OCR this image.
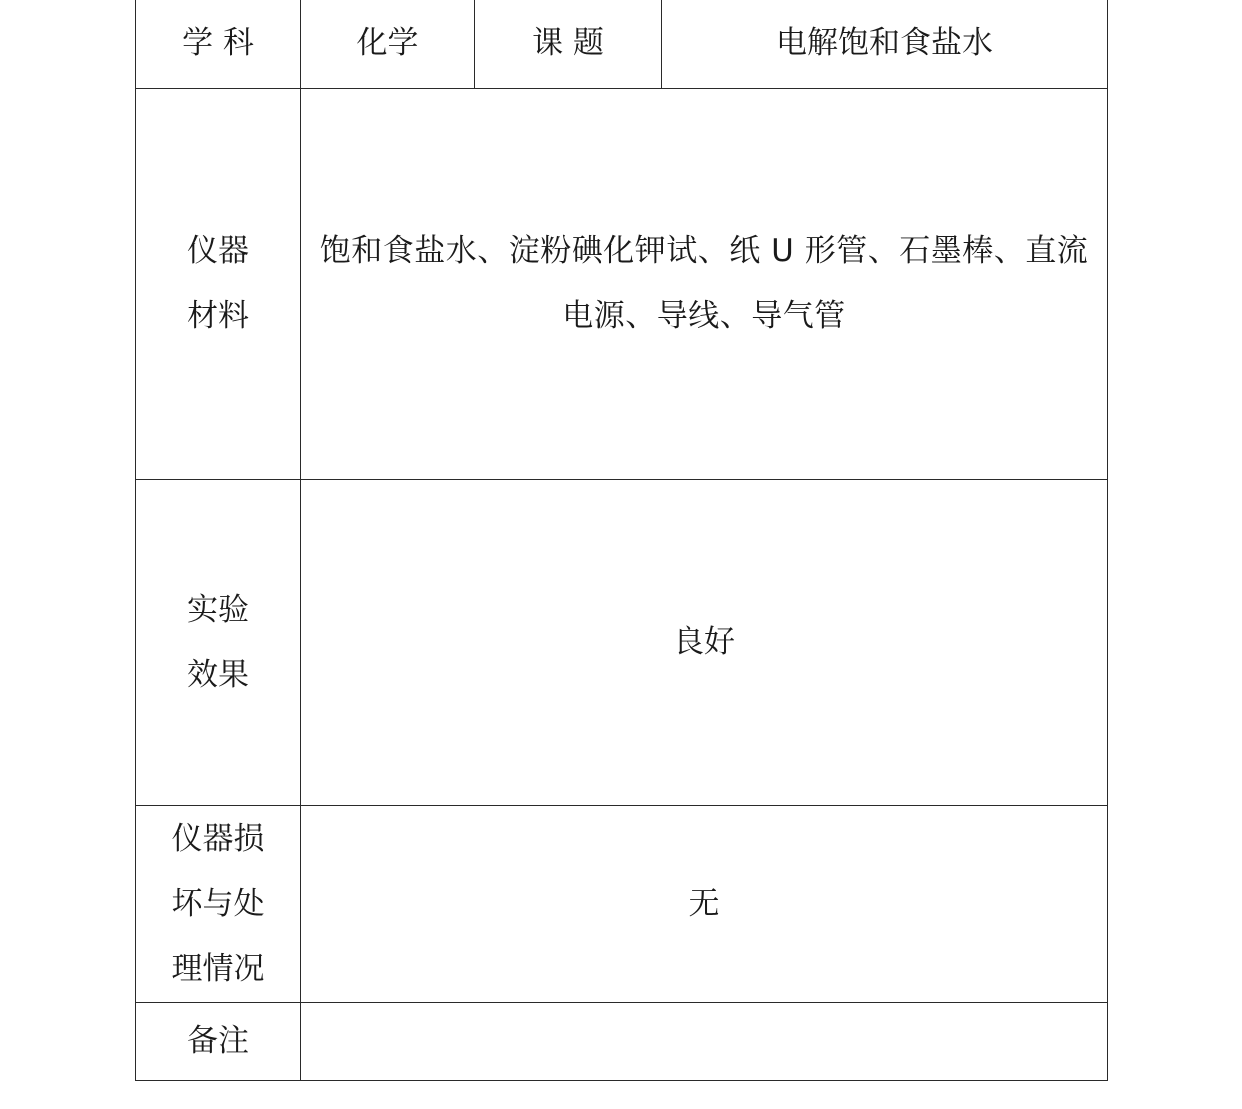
学 科	化学	课 题	电解饱和食盐水

仪器
材料	饱和食盐水、淀粉碘化钾试、纸 U 形管、石墨棒、直流电源、导线、导气管		

实验
效果	良好		

仪器损
坏与处
理情况	无		
备注			
